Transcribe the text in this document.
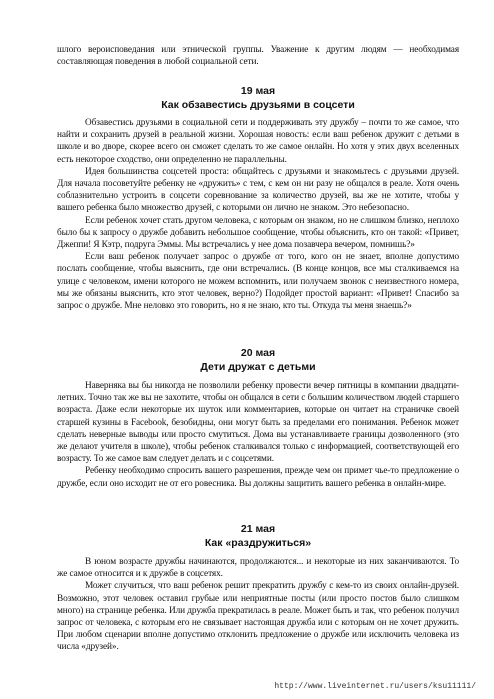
шлого вероисповедания или этнической группы. Уважение к другим людям — необходимая составляющая поведения в любой социальной сети.

19 мая
Как обзавестись друзьями в соцсети

Обзавестись друзьями в социальной сети и поддерживать эту дружбу – почти то же самое, что найти и сохранить друзей в реальной жизни. Хорошая новость: если ваш ребенок дружит с детьми в школе и во дворе, скорее всего он сможет сделать то же самое онлайн. Но хотя у этих двух вселенных есть некоторое сходство, они определенно не параллельны.

Идея большинства соцсетей проста: общайтесь с друзьями и знакомьтесь с друзьями друзей. Для начала посоветуйте ребенку не «дружить» с тем, с кем он ни разу не общался в реале. Хотя очень соблазнительно устроить в соцсети соревнование за количество друзей, вы же не хотите, чтобы у вашего ребенка было множество друзей, с которыми он лично не знаком. Это небезопасно.

Если ребенок хочет стать другом человека, с которым он знаком, но не слишком близко, неплохо было бы к запросу о дружбе добавить небольшое сообщение, чтобы объяснить, кто он такой: «Привет, Джеппи! Я Кэтр, подруга Эммы. Мы встречались у нее дома позавчера вечером, помнишь?»

Если ваш ребенок получает запрос о дружбе от того, кого он не знает, вполне допустимо послать сообщение, чтобы выяснить, где они встречались. (В конце концов, все мы сталкиваемся на улице с человеком, имени которого не можем вспомнить, или получаем звонок с неизвестного номера, мы же обязаны выяснить, кто этот человек, верно?) Подойдет простой вариант: «Привет! Спасибо за запрос о дружбе. Мне неловко это говорить, но я не знаю, кто ты. Откуда ты меня знаешь?»

20 мая
Дети дружат с детьми

Наверняка вы бы никогда не позволили ребенку провести вечер пятницы в компании двадцати-летних. Точно так же вы не захотите, чтобы он общался в сети с большим количеством людей старшего возраста. Даже если некоторые их шуток или комментариев, которые он читает на страничке своей старшей кузины в Facebook, безобидны, они могут быть за пределами его понимания. Ребенок может сделать неверные выводы или просто смутиться. Дома вы устанавливаете границы дозволенного (это же делают учителя в школе), чтобы ребенок сталкивался только с информацией, соответствующей его возрасту. То же самое вам следует делать и с соцсетями.

Ребенку необходимо спросить вашего разрешения, прежде чем он примет чье-то предложение о дружбе, если оно исходит не от его ровесника. Вы должны защитить вашего ребенка в онлайн-мире.

21 мая
Как «раздружиться»

В юном возрасте дружбы начинаются, продолжаются... и некоторые из них заканчиваются. То же самое относится и к дружбе в соцсетях.

Может случиться, что ваш ребенок решит прекратить дружбу с кем-то из своих онлайн-друзей. Возможно, этот человек оставил грубые или неприятные посты (или просто постов было слишком много) на странице ребенка. Или дружба прекратилась в реале. Может быть и так, что ребенок получил запрос от человека, с которым его не связывает настоящая дружба или с которым он не хочет дружить. При любом сценарии вполне допустимо отклонить предложение о дружбе или исключить человека из числа «друзей».

http://www.liveinternet.ru/users/ksu11111/
